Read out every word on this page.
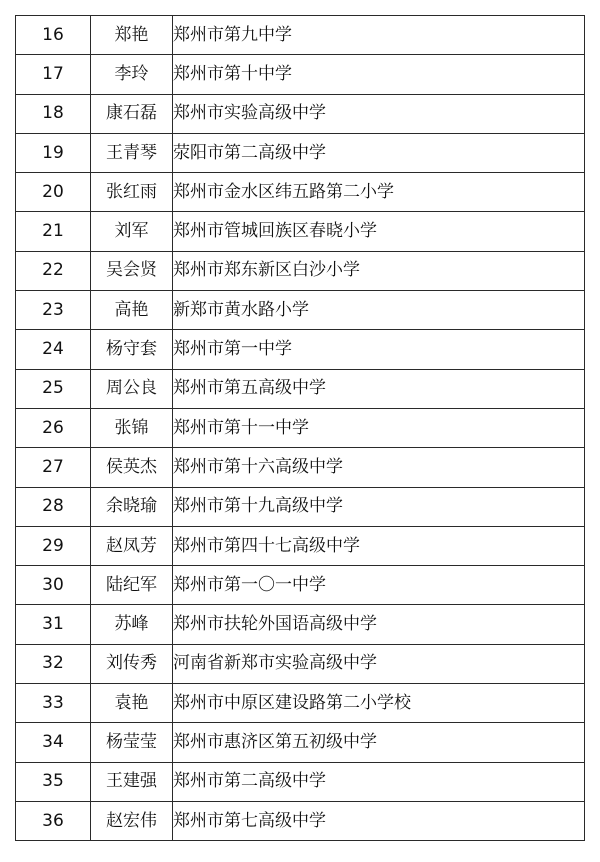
16	郑艳	郑州市第九中学
17	李玲	郑州市第十中学
18	康石磊	郑州市实验高级中学
19	王青琴	荥阳市第二高级中学
20	张红雨	郑州市金水区纬五路第二小学
21	刘军	郑州市管城回族区春晓小学
22	吴会贤	郑州市郑东新区白沙小学
23	高艳	新郑市黄水路小学
24	杨守套	郑州市第一中学
25	周公良	郑州市第五高级中学
26	张锦	郑州市第十一中学
27	侯英杰	郑州市第十六高级中学
28	余晓瑜	郑州市第十九高级中学
29	赵凤芳	郑州市第四十七高级中学
30	陆纪军	郑州市第一〇一中学
31	苏峰	郑州市扶轮外国语高级中学
32	刘传秀	河南省新郑市实验高级中学
33	袁艳	郑州市中原区建设路第二小学校
34	杨莹莹	郑州市惠济区第五初级中学
35	王建强	郑州市第二高级中学
36	赵宏伟	郑州市第七高级中学
